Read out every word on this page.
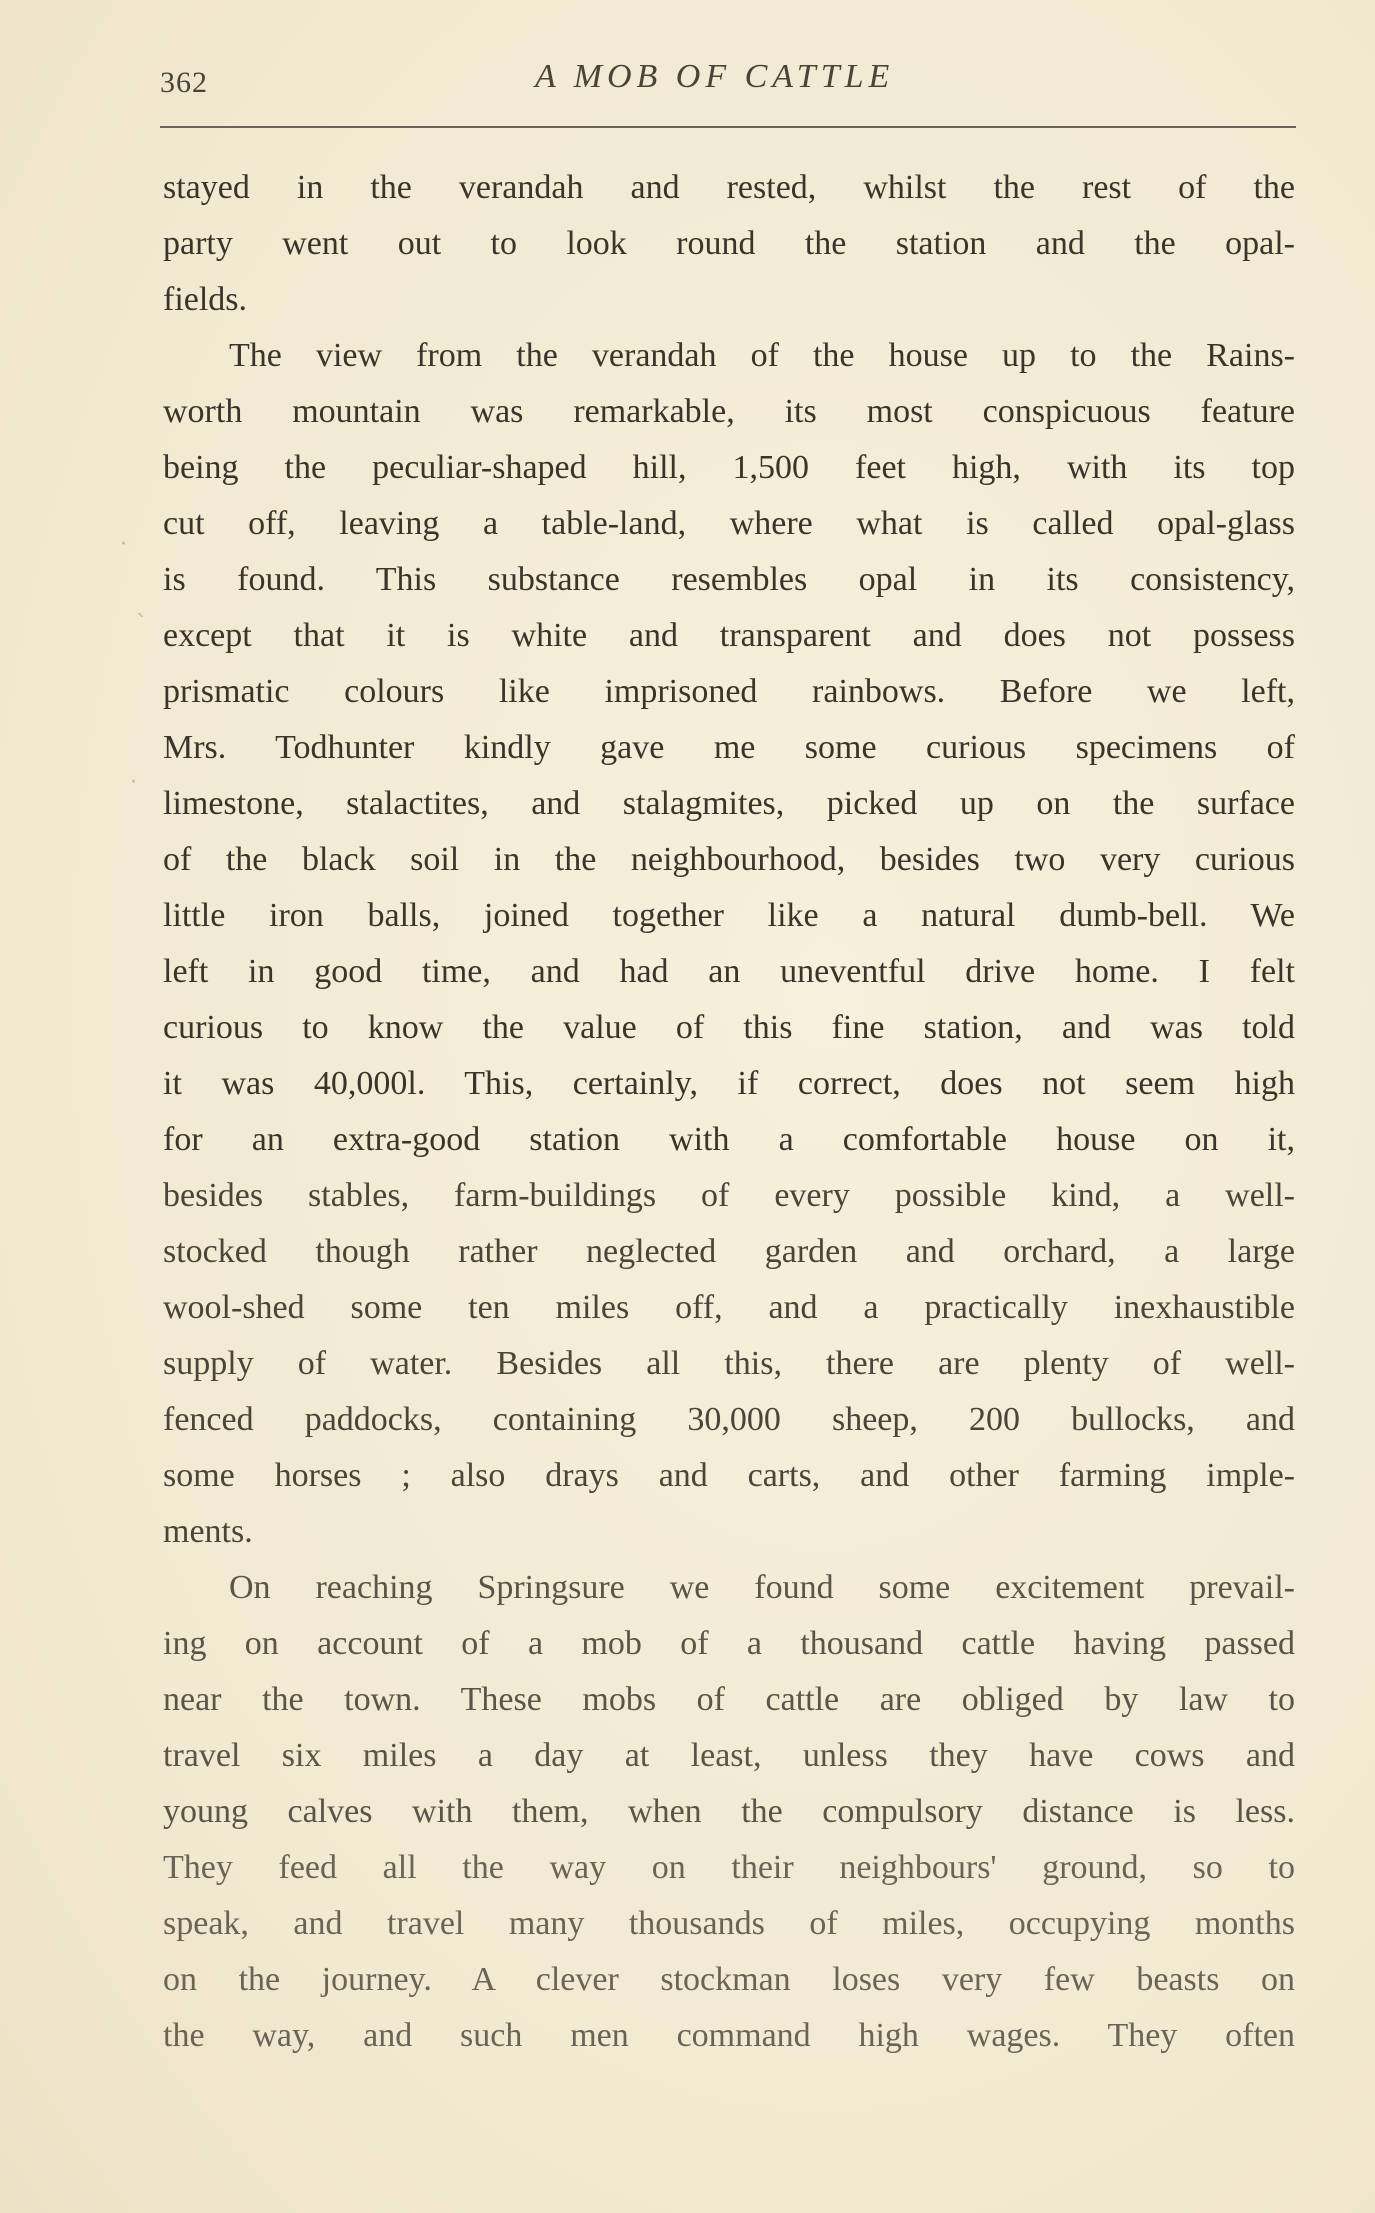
362	A MOB OF CATTLE
stayed in the verandah and rested, whilst the rest of the
party went out to look round the station and the opal-
fields.
The view from the verandah of the house up to the Rains-
worth mountain was remarkable, its most conspicuous feature
being the peculiar-shaped hill, 1,500 feet high, with its top
cut off, leaving a table-land, where what is called opal-glass
is found. This substance resembles opal in its consistency,
except that it is white and transparent and does not possess
prismatic colours like imprisoned rainbows. Before we left,
Mrs. Todhunter kindly gave me some curious specimens of
limestone, stalactites, and stalagmites, picked up on the surface
of the black soil in the neighbourhood, besides two very curious
little iron balls, joined together like a natural dumb-bell. We
left in good time, and had an uneventful drive home. I felt
curious to know the value of this fine station, and was told
it was 40,000l. This, certainly, if correct, does not seem high
for an extra-good station with a comfortable house on it,
besides stables, farm-buildings of every possible kind, a well-
stocked though rather neglected garden and orchard, a large
wool-shed some ten miles off, and a practically inexhaustible
supply of water. Besides all this, there are plenty of well-
fenced paddocks, containing 30,000 sheep, 200 bullocks, and
some horses ; also drays and carts, and other farming imple-
ments.
On reaching Springsure we found some excitement prevail-
ing on account of a mob of a thousand cattle having passed
near the town. These mobs of cattle are obliged by law to
travel six miles a day at least, unless they have cows and
young calves with them, when the compulsory distance is less.
They feed all the way on their neighbours' ground, so to
speak, and travel many thousands of miles, occupying months
on the journey. A clever stockman loses very few beasts on
the way, and such men command high wages. They often
·
`
·
